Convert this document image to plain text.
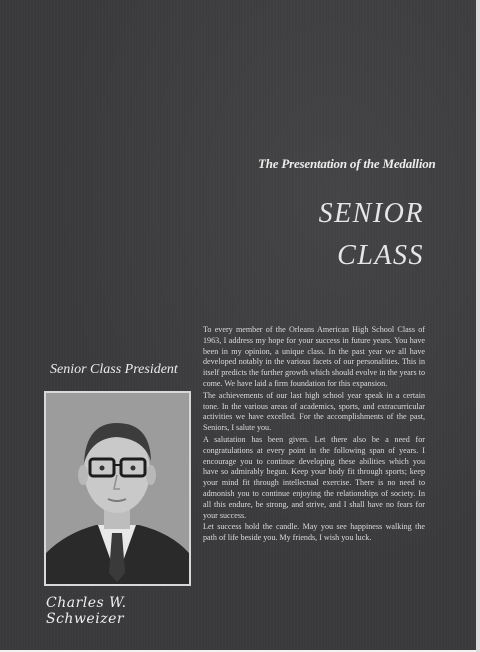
The Presentation of the Medallion
SENIOR
CLASS
Senior Class President
Charles W. Schweizer

To every member of the Orleans American High School Class of 1963, I address my hope for your success in future years. You have been in my opinion, a unique class. In the past year we all have developed notably in the various facets of our personalities. This in itself predicts the further growth which should evolve in the years to come. We have laid a firm foundation for this expansion.

The achievements of our last high school year speak in a certain tone. In the various areas of academics, sports, and extracurricular activities we have excelled. For the accomplishments of the past, Seniors, I salute you.

A salutation has been given. Let there also be a need for congratulations at every point in the following span of years. I encourage you to continue developing these abilities which you have so admirably begun. Keep your body fit through sports; keep your mind fit through intellectual exercise. There is no need to admonish you to continue enjoying the relationships of society. In all this endure, be strong, and strive, and I shall have no fears for your success.

Let success hold the candle. May you see happiness walking the path of life beside you. My friends, I wish you luck.
